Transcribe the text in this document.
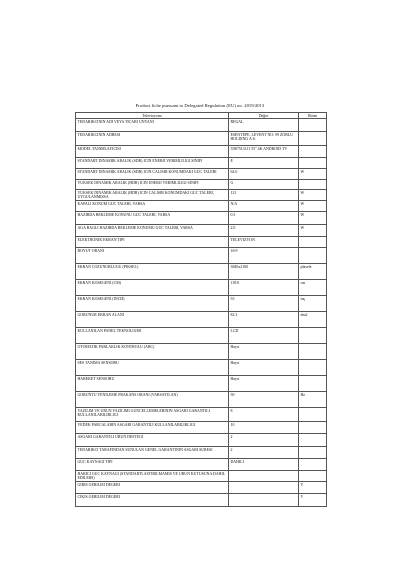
Product fiche pursuant to Delegated Regulation (EU) no. 2019/2013
Televizyonu	Değer	Birim
TEDARIKCININ ADI VEYA TICARI UNVANI	REGAL	
TEDARIKCININ ADRESI	ESENTEPE, LEVENT NO: 99 ZORLU HOLDING A.S.	
MODEL TANIMLAYICISI	55R75UA11 55" 4K ANDROID TV	
STANDART DINAMIK ARALIK (SDR) ICIN ENERJI VERIMLILIGI SINIFI	E	
STANDART DINAMIK ARALIK (SDR) ICIN CALISIR KONUMDAKI GUC TALEBI	64.0	W
YUKSEK DINAMIK ARALIK (HDR) ICIN ENERJI VERIMLILIGI SINIFI	G	
YUKSEK DINAMIK ARALIK (HDR) ICIN CALISIR KONUMDAKI GUC TALEBI, UYGULANMISSA	121	W
KAPALI KONUM GUC TALEBI, VARSA	N/A	W
HAZIRDA BEKLEME KONUNU GUC TALEBI, VARSA	0.5	W
AGA BAGLI HAZIRDA BEKLEME KONUMU GUC TALEBI, VARSA	2.0	W
ELEKTRONIK EKRAN TIPI	TELEVIZYON	
BOYUT ORANI	16:9	
EKRAN COZUNURLUGU (PIKSEL)	3840x2160	piksele
EKRAN KOSEGENI (CM)	139.0	cm
EKRAN KOSEGENI (INCH)	55	inç
GORUNUR EKRAN ALANI	82.3	dm2
KULLANILAN PANEL TEKNOLOJISI	LCD	
OTOMATIK PARLAKLIK KONTROLU (ABC)	Hayır	
SES TANIMA SENSORU	Hayır	
HAREKET SENSORU	Hayır	
GORUNTU YENILEME FRAKANS ORANI (VARSAYILAN)	50	Hz
YAZILIM VE URUN YAZILIMI GUNCELLEMELERININ ASGARI GARANTILI KULLANILABILIRLIGI	8	
YEDEK PARCALARIN ASGARI GARANTILI KULLANILABILIRLIGI	10	
ASGARI GARANTILI URUN DESTEGI	2	
TEDARIKCI TARAFINDAN SUNULAN GENEL GARANTININ ASGARI SURESI	2	
GUC KAYNAGI TIPI	DAHILI	
HARICI GUC KAYNAGI (STANDARTLASTIRILMAMIS VE URUN KUTUSUNA DAHIL EDILMIS)		
GIRIS GERILIM DEGERI		V
CIKIS GERILIM DEGERI		V
